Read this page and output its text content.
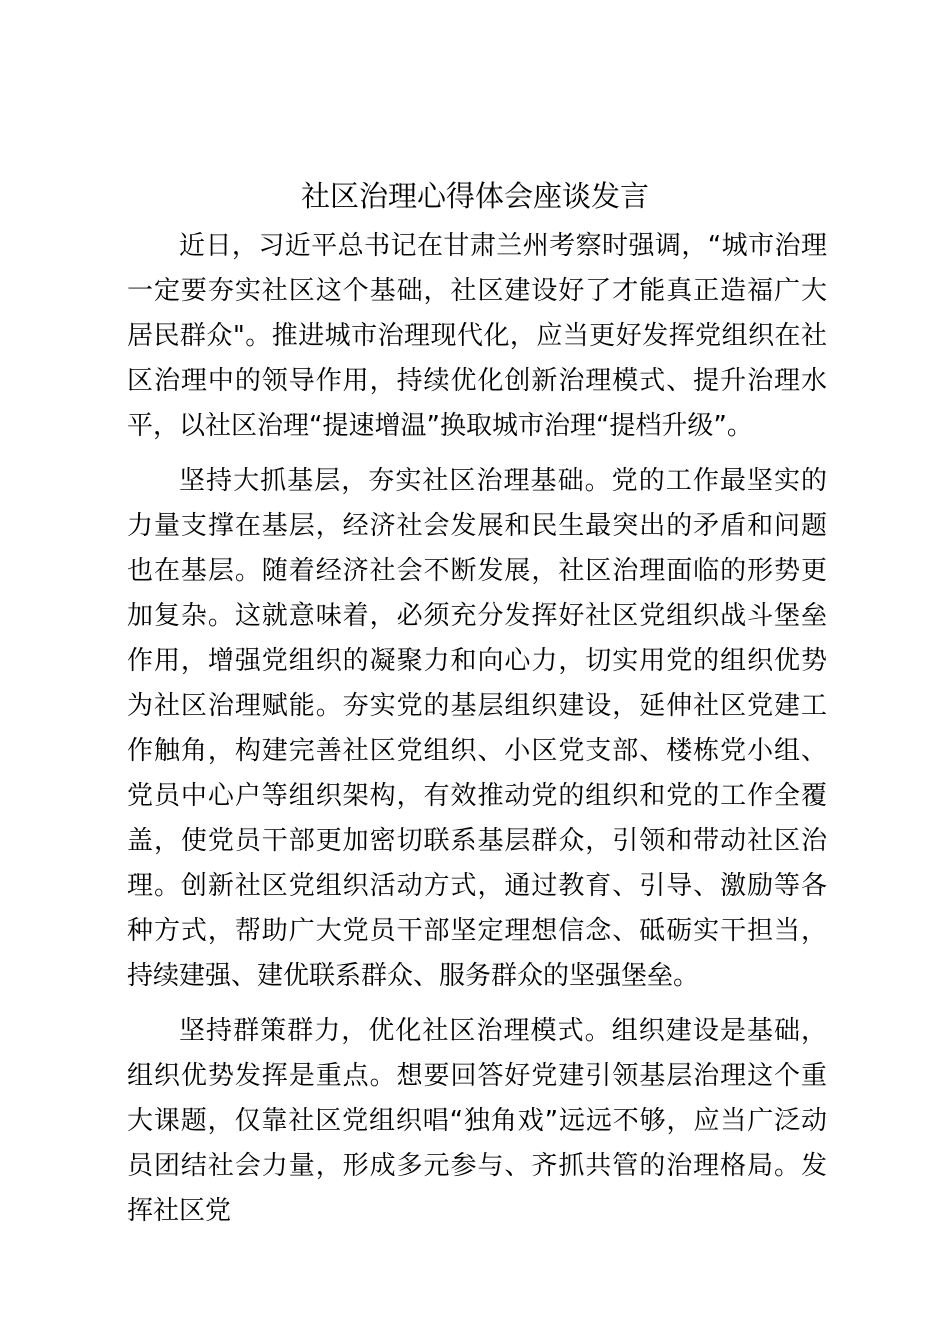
社区治理心得体会座谈发言

近日，习近平总书记在甘肃兰州考察时强调，“城市治理一定要夯实社区这个基础，社区建设好了才能真正造福广大居民群众"。推进城市治理现代化，应当更好发挥党组织在社区治理中的领导作用，持续优化创新治理模式、提升治理水平，以社区治理“提速增温”换取城市治理“提档升级”。

坚持大抓基层，夯实社区治理基础。党的工作最坚实的力量支撑在基层，经济社会发展和民生最突出的矛盾和问题也在基层。随着经济社会不断发展，社区治理面临的形势更加复杂。这就意味着，必须充分发挥好社区党组织战斗堡垒作用，增强党组织的凝聚力和向心力，切实用党的组织优势为社区治理赋能。夯实党的基层组织建设，延伸社区党建工作触角，构建完善社区党组织、小区党支部、楼栋党小组、党员中心户等组织架构，有效推动党的组织和党的工作全覆盖，使党员干部更加密切联系基层群众，引领和带动社区治理。创新社区党组织活动方式，通过教育、引导、激励等各种方式，帮助广大党员干部坚定理想信念、砥砺实干担当，持续建强、建优联系群众、服务群众的坚强堡垒。

坚持群策群力，优化社区治理模式。组织建设是基础，组织优势发挥是重点。想要回答好党建引领基层治理这个重大课题，仅靠社区党组织唱“独角戏”远远不够，应当广泛动员团结社会力量，形成多元参与、齐抓共管的治理格局。发挥社区党
